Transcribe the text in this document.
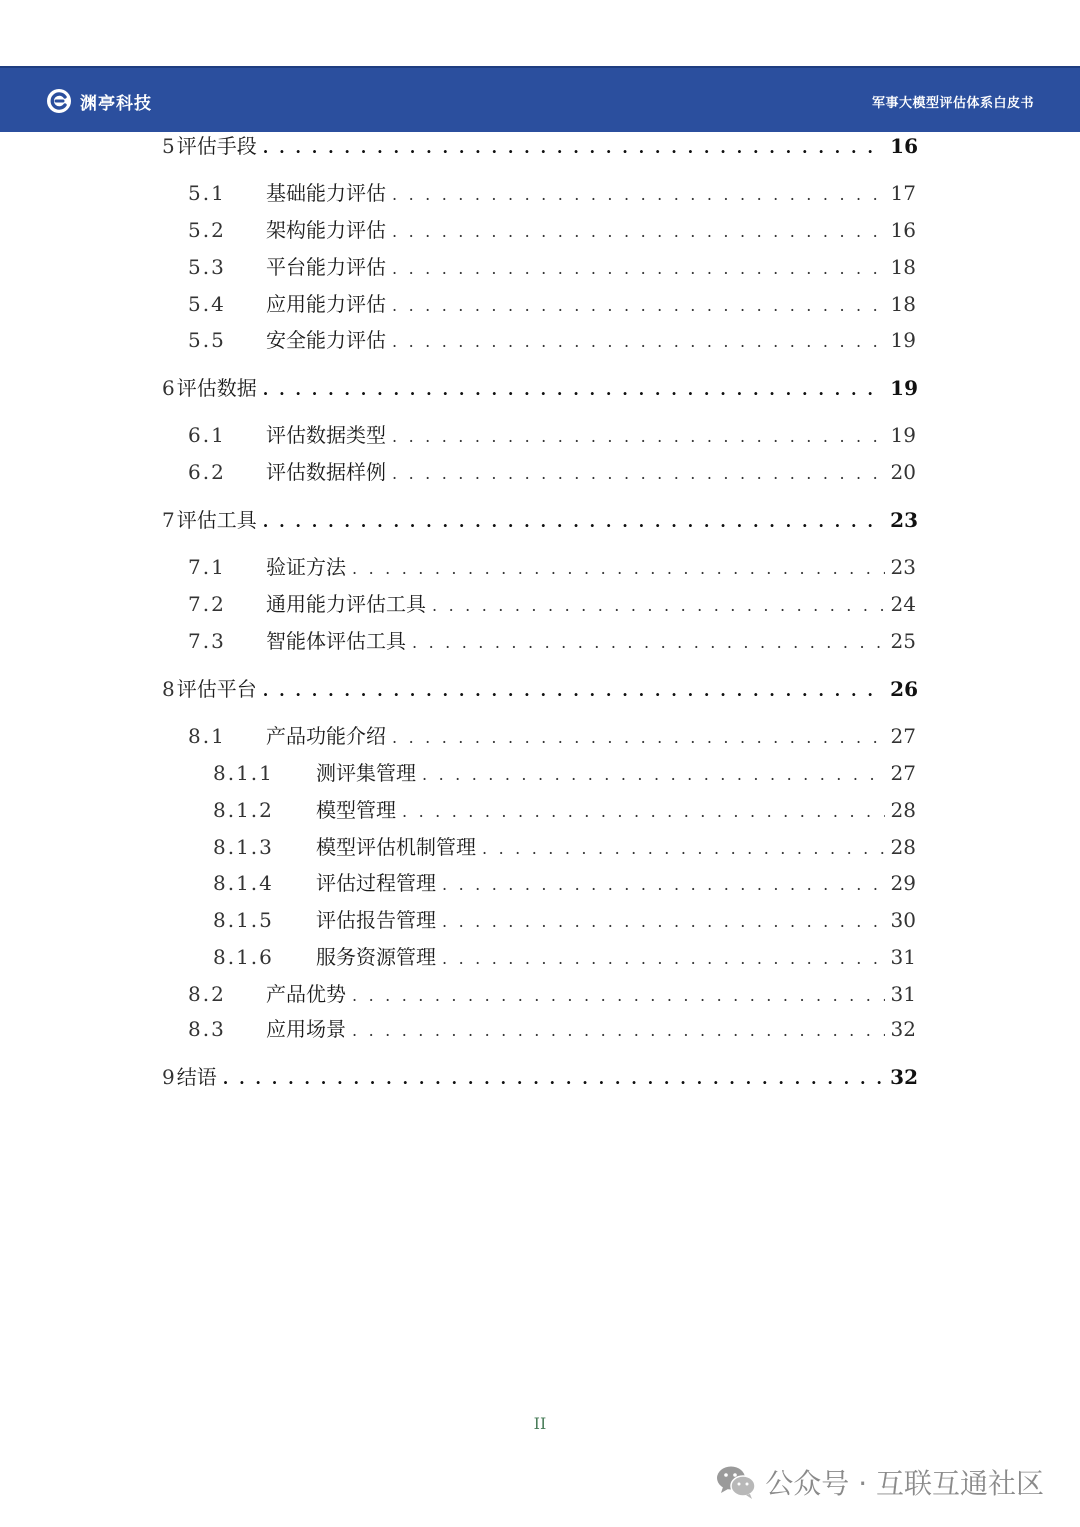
渊亭科技	军事大模型评估体系白皮书
5 评估手段 . . .	16
5.1	基础能力评估 . . .	17
5.2	架构能力评估 . . .	16
5.3	平台能力评估 . . .	18
5.4	应用能力评估 . . .	18
5.5	安全能力评估 . . .	19
6 评估数据 . . .	19
6.1	评估数据类型 . . .	19
6.2	评估数据样例 . . .	20
7 评估工具 . . .	23
7.1	验证方法 . . .	23
7.2	通用能力评估工具 . . .	24
7.3	智能体评估工具 . . .	25
8 评估平台 . . .	26
8.1	产品功能介绍 . . .	27
8.1.1	测评集管理 . . .	27
8.1.2	模型管理 . . .	28
8.1.3	模型评估机制管理 . . .	28
8.1.4	评估过程管理 . . .	29
8.1.5	评估报告管理 . . .	30
8.1.6	服务资源管理 . . .	31
8.2	产品优势 . . .	31
8.3	应用场景 . . .	32
9 结语 . . .	32
II
公众号 · 互联互通社区
